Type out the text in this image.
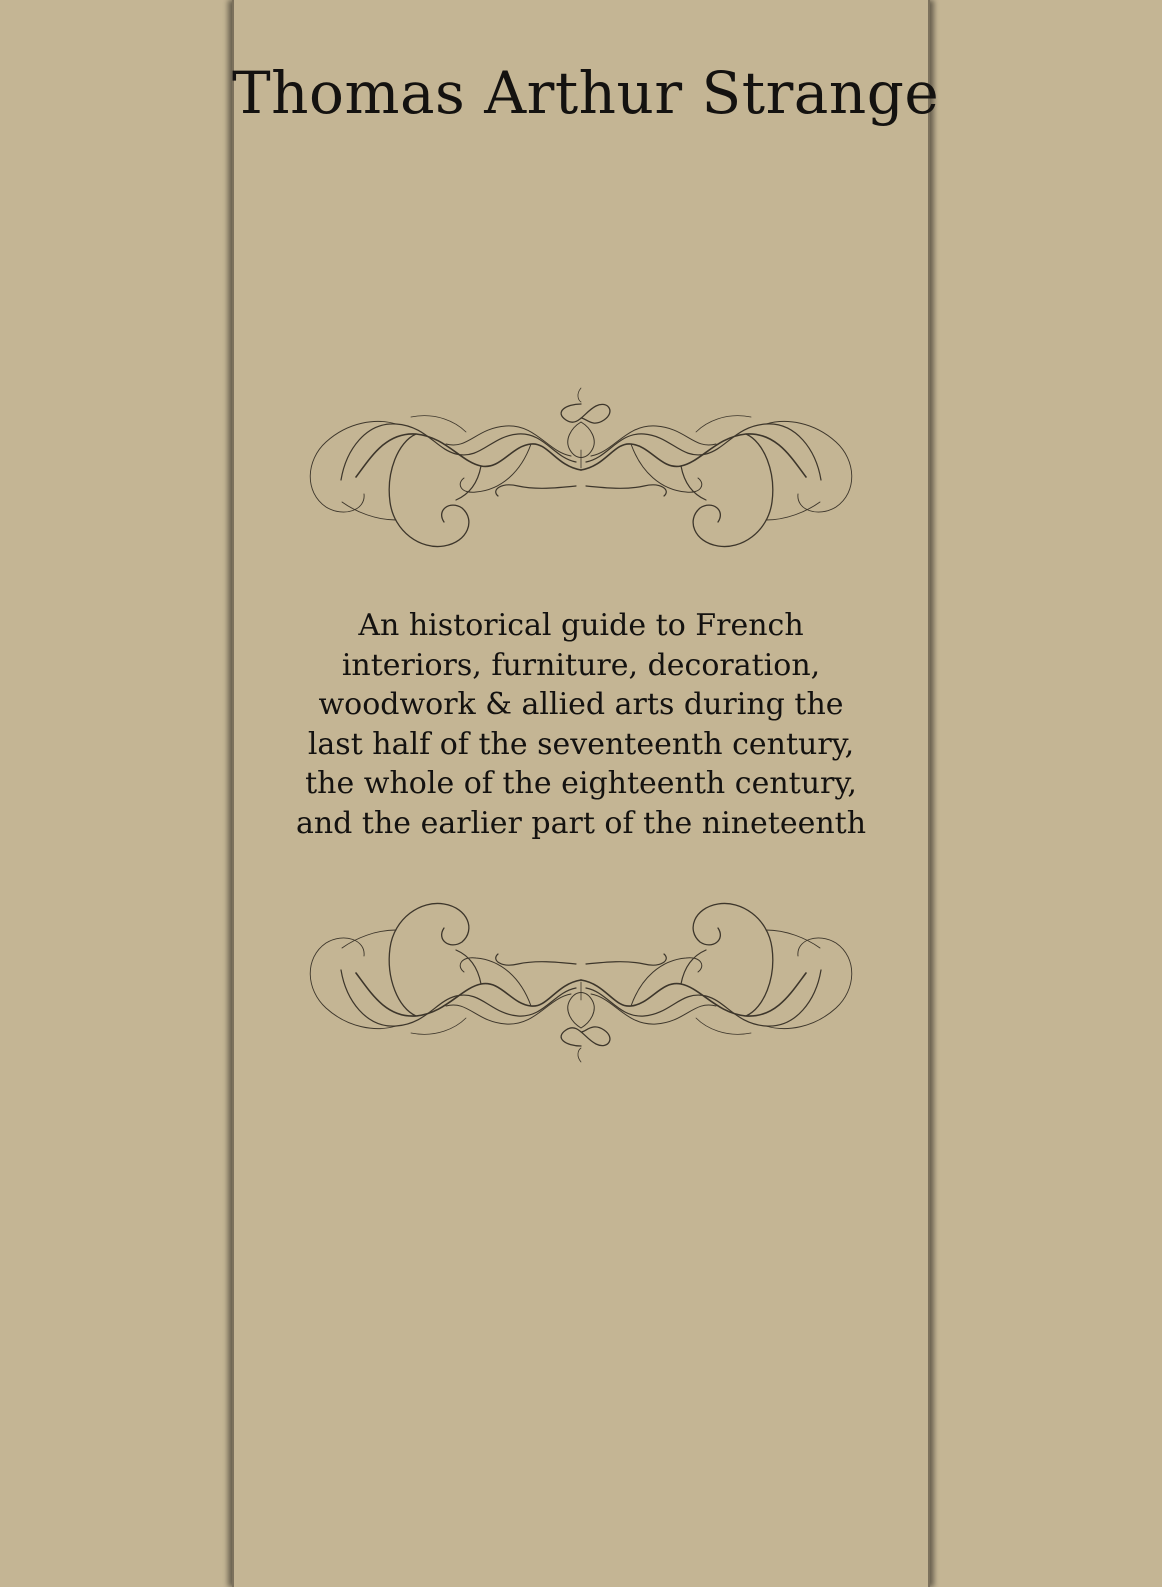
Thomas Arthur Strange
An historical guide to French
interiors, furniture, decoration,
woodwork & allied arts during the
last half of the seventeenth century,
the whole of the eighteenth century,
and the earlier part of the nineteenth
